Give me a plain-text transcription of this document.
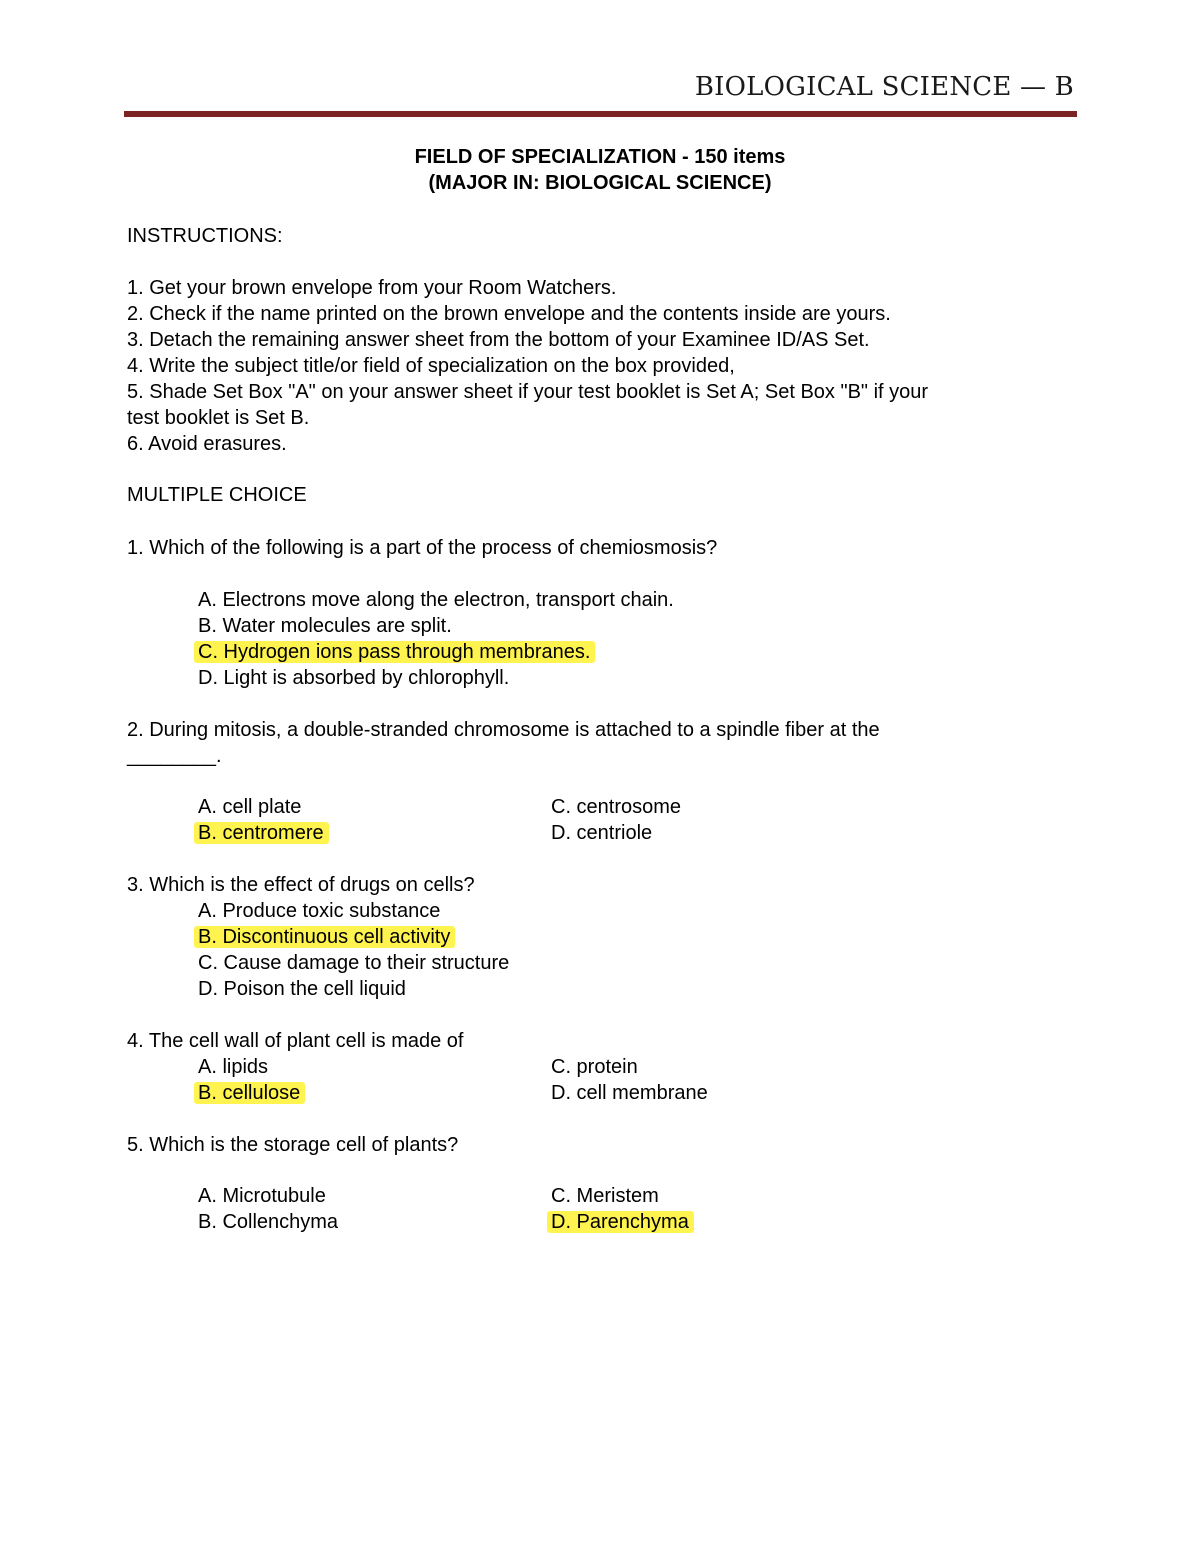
BIOLOGICAL SCIENCE — B
FIELD OF SPECIALIZATION - 150 items
(MAJOR IN: BIOLOGICAL SCIENCE)
INSTRUCTIONS:
1. Get your brown envelope from your Room Watchers.
2. Check if the name printed on the brown envelope and the contents inside are yours.
3. Detach the remaining answer sheet from the bottom of your Examinee ID/AS Set.
4. Write the subject title/or field of specialization on the box provided,
5. Shade Set Box "A" on your answer sheet if your test booklet is Set A; Set Box "B" if your
test booklet is Set B.
6. Avoid erasures.
MULTIPLE CHOICE
1. Which of the following is a part of the process of chemiosmosis?
A. Electrons move along the electron, transport chain.
B. Water molecules are split.
C. Hydrogen ions pass through membranes.
D. Light is absorbed by chlorophyll.
2. During mitosis, a double-stranded chromosome is attached to a spindle fiber at the
________.
A. cell plate	C. centrosome
B. centromere	D. centriole
3. Which is the effect of drugs on cells?
A. Produce toxic substance
B. Discontinuous cell activity
C. Cause damage to their structure
D. Poison the cell liquid
4. The cell wall of plant cell is made of
A. lipids	C. protein
B. cellulose	D. cell membrane
5. Which is the storage cell of plants?
A. Microtubule	C. Meristem
B. Collenchyma	D. Parenchyma
